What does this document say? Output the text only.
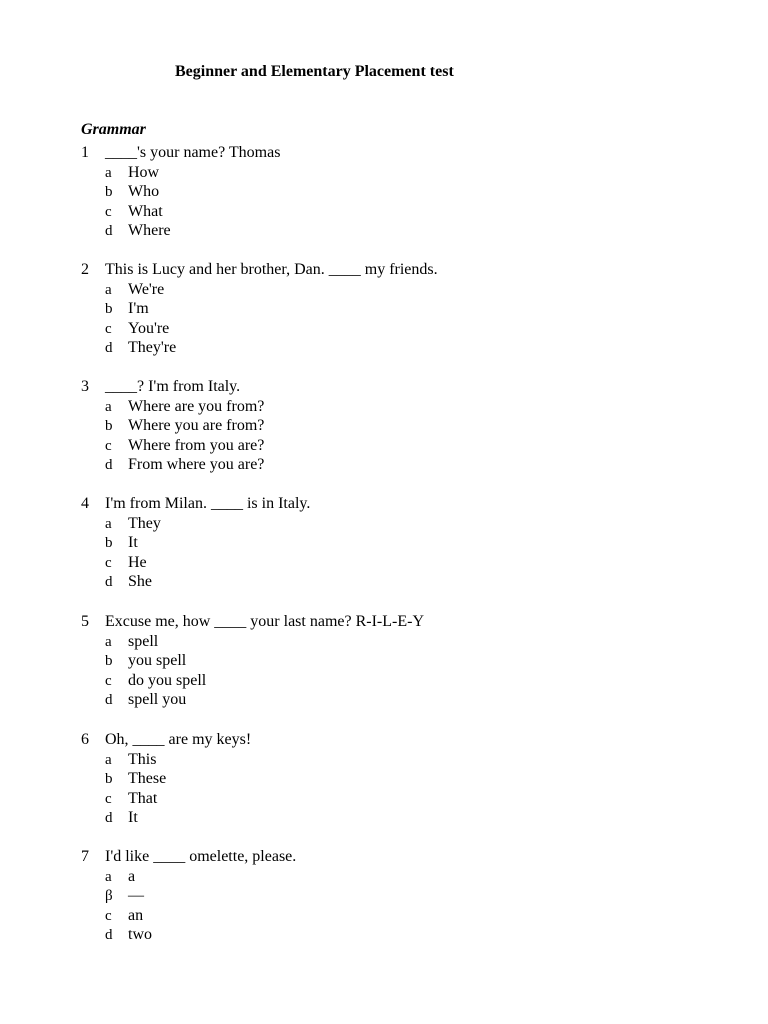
Beginner and Elementary Placement test
Grammar
1 ____'s your name? Thomas
a How
b Who
c What
d Where
2 This is Lucy and her brother, Dan. ____ my friends.
a We're
b I'm
c You're
d They're
3 ____? I'm from Italy.
a Where are you from?
b Where you are from?
c Where from you are?
d From where you are?
4 I'm from Milan. ____ is in Italy.
a They
b It
c He
d She
5 Excuse me, how ____ your last name? R-I-L-E-Y
a spell
b you spell
c do you spell
d spell you
6 Oh, ____ are my keys!
a This
b These
c That
d It
7 I'd like ____ omelette, please.
a a
β —
c an
d two
